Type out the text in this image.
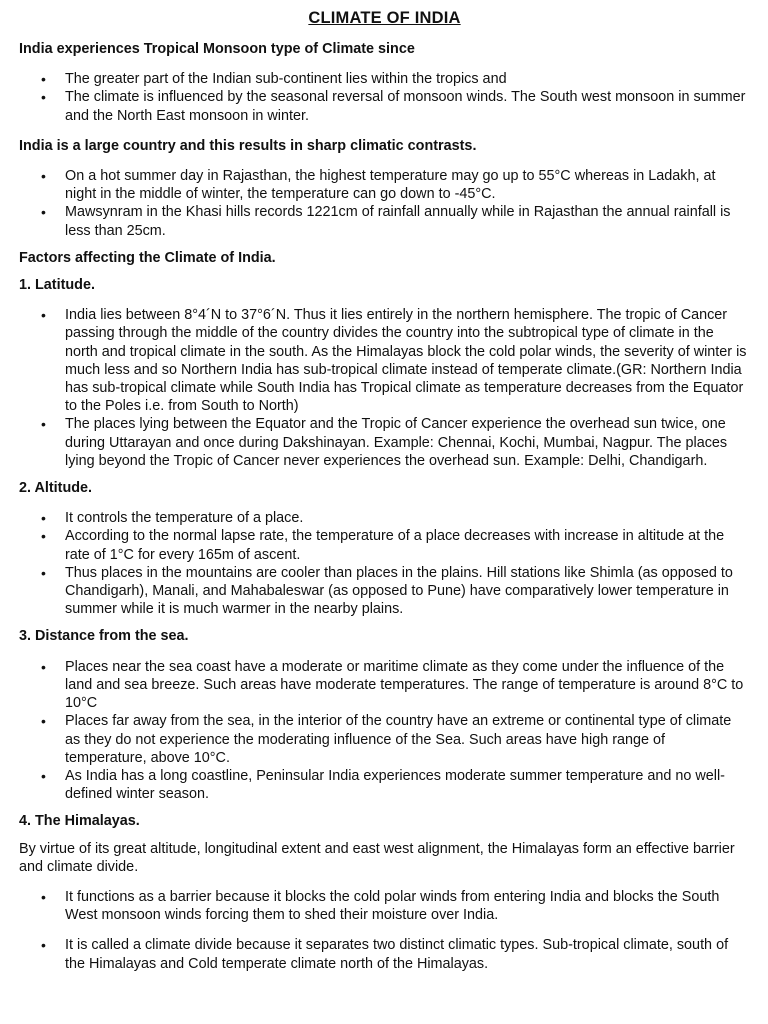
CLIMATE OF INDIA

India experiences Tropical Monsoon type of Climate since

• The greater part of the Indian sub-continent lies within the tropics and
• The climate is influenced by the seasonal reversal of monsoon winds. The South west monsoon in summer and the North East monsoon in winter.

India is a large country and this results in sharp climatic contrasts.

• On a hot summer day in Rajasthan, the highest temperature may go up to 55°C whereas in Ladakh, at night in the middle of winter, the temperature can go down to -45°C.
• Mawsynram in the Khasi hills records 1221cm of rainfall annually while in Rajasthan the annual rainfall is less than 25cm.

Factors affecting the Climate of India.

1. Latitude.

• India lies between 8°4´N to 37°6´N. Thus it lies entirely in the northern hemisphere. The tropic of Cancer passing through the middle of the country divides the country into the subtropical type of climate in the north and tropical climate in the south. As the Himalayas block the cold polar winds, the severity of winter is much less and so Northern India has sub-tropical climate instead of temperate climate.(GR: Northern India has sub-tropical climate while South India has Tropical climate as temperature decreases from the Equator to the Poles i.e. from South to North)
• The places lying between the Equator and the Tropic of Cancer experience the overhead sun twice, one during Uttarayan and once during Dakshinayan. Example: Chennai, Kochi, Mumbai, Nagpur. The places lying beyond the Tropic of Cancer never experiences the overhead sun. Example: Delhi, Chandigarh.

2. Altitude.

• It controls the temperature of a place.
• According to the normal lapse rate, the temperature of a place decreases with increase in altitude at the rate of 1°C for every 165m of ascent.
• Thus places in the mountains are cooler than places in the plains. Hill stations like Shimla (as opposed to Chandigarh), Manali, and Mahabaleswar (as opposed to Pune) have comparatively lower temperature in summer while it is much warmer in the nearby plains.

3. Distance from the sea.

• Places near the sea coast have a moderate or maritime climate as they come under the influence of the land and sea breeze. Such areas have moderate temperatures. The range of temperature is around 8°C to 10°C
• Places far away from the sea, in the interior of the country have an extreme or continental type of climate as they do not experience the moderating influence of the Sea. Such areas have high range of temperature, above 10°C.
• As India has a long coastline, Peninsular India experiences moderate summer temperature and no well-defined winter season.

4. The Himalayas.

By virtue of its great altitude, longitudinal extent and east west alignment, the Himalayas form an effective barrier and climate divide.

• It functions as a barrier because it blocks the cold polar winds from entering India and blocks the South West monsoon winds forcing them to shed their moisture over India.
• It is called a climate divide because it separates two distinct climatic types. Sub-tropical climate, south of the Himalayas and Cold temperate climate north of the Himalayas.
